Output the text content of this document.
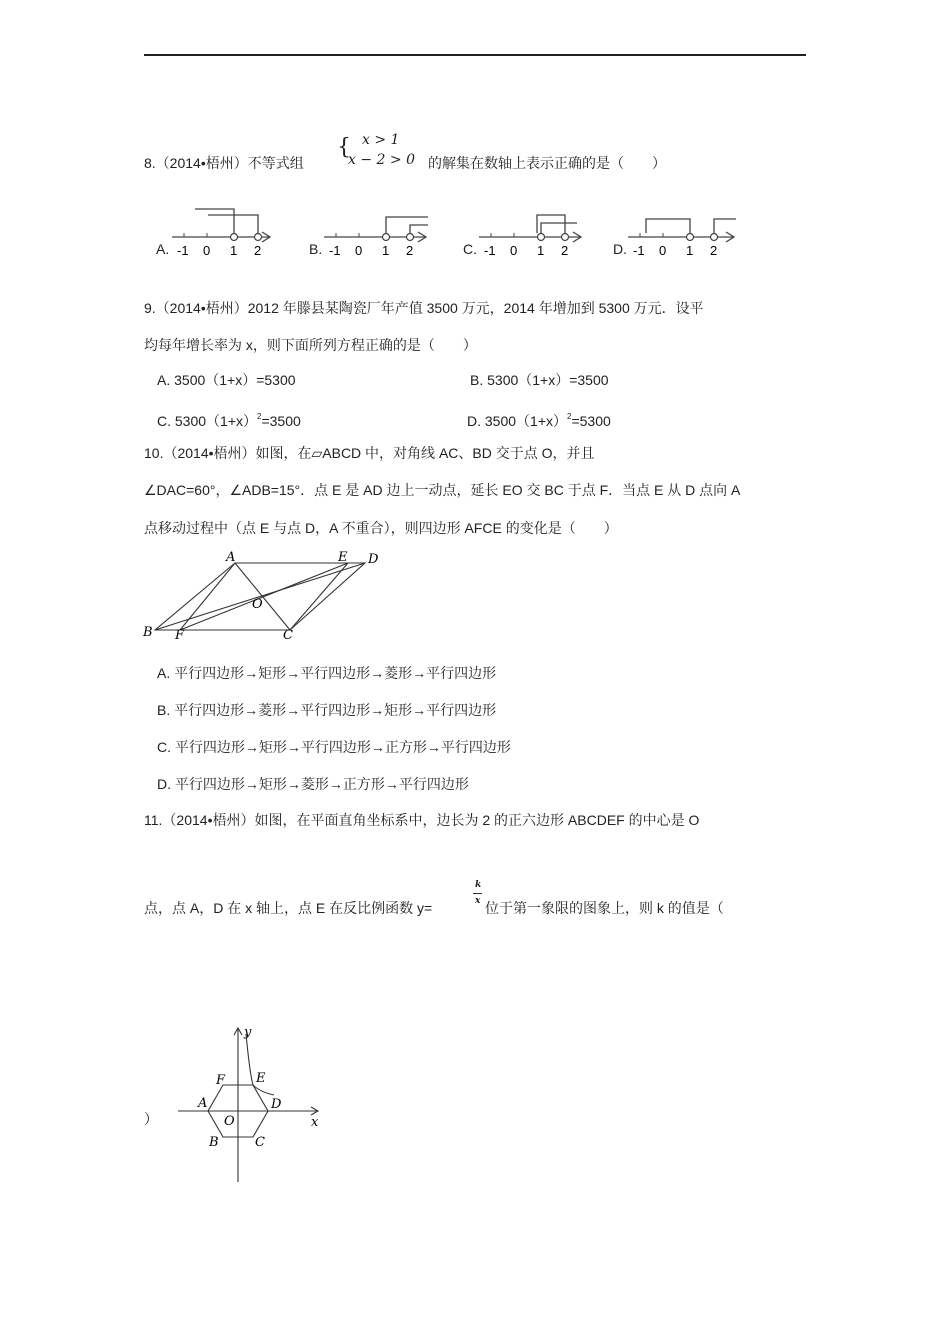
8.（2014•梧州）不等式组
{ x > 1
x − 2 > 0 的解集在数轴上表示正确的是（　　）
A.	B.	C.	D.
-1 0 1 2	-1 0 1 2	-1 0 1 2	-1 0 1 2
9.（2014•梧州）2012 年滕县某陶瓷厂年产值 3500 万元，2014 年增加到 5300 万元．设平
均每年增长率为 x，则下面所列方程正确的是（　　）
A. 3500（1+x）=5300	B. 5300（1+x）=3500
C. $5300(1+x)^2=3500$	D. $3500(1+x)^2=5300$
10.（2014•梧州）如图，在▱ABCD 中，对角线 AC、BD 交于点 O，并且
∠DAC=60°，∠ADB=15°．点 E 是 AD 边上一动点，延长 EO 交 BC 于点 F．当点 E 从 D 点向 A
点移动过程中（点 E 与点 D，A 不重合），则四边形 AFCE 的变化是（　　）
A	E D
O
B F	C
A. 平行四边形→矩形→平行四边形→菱形→平行四边形
B. 平行四边形→菱形→平行四边形→矩形→平行四边形
C. 平行四边形→矩形→平行四边形→正方形→平行四边形
D. 平行四边形→矩形→菱形→正方形→平行四边形
11.（2014•梧州）如图，在平面直角坐标系中，边长为 2 的正六边形 ABCDEF 的中心是 O
点，点 A，D 在 x 轴上，点 E 在反比例函数 y=
k
x 位于第一象限的图象上，则 k 的值是（
）
y
x
F E
A	D
O
B	C
